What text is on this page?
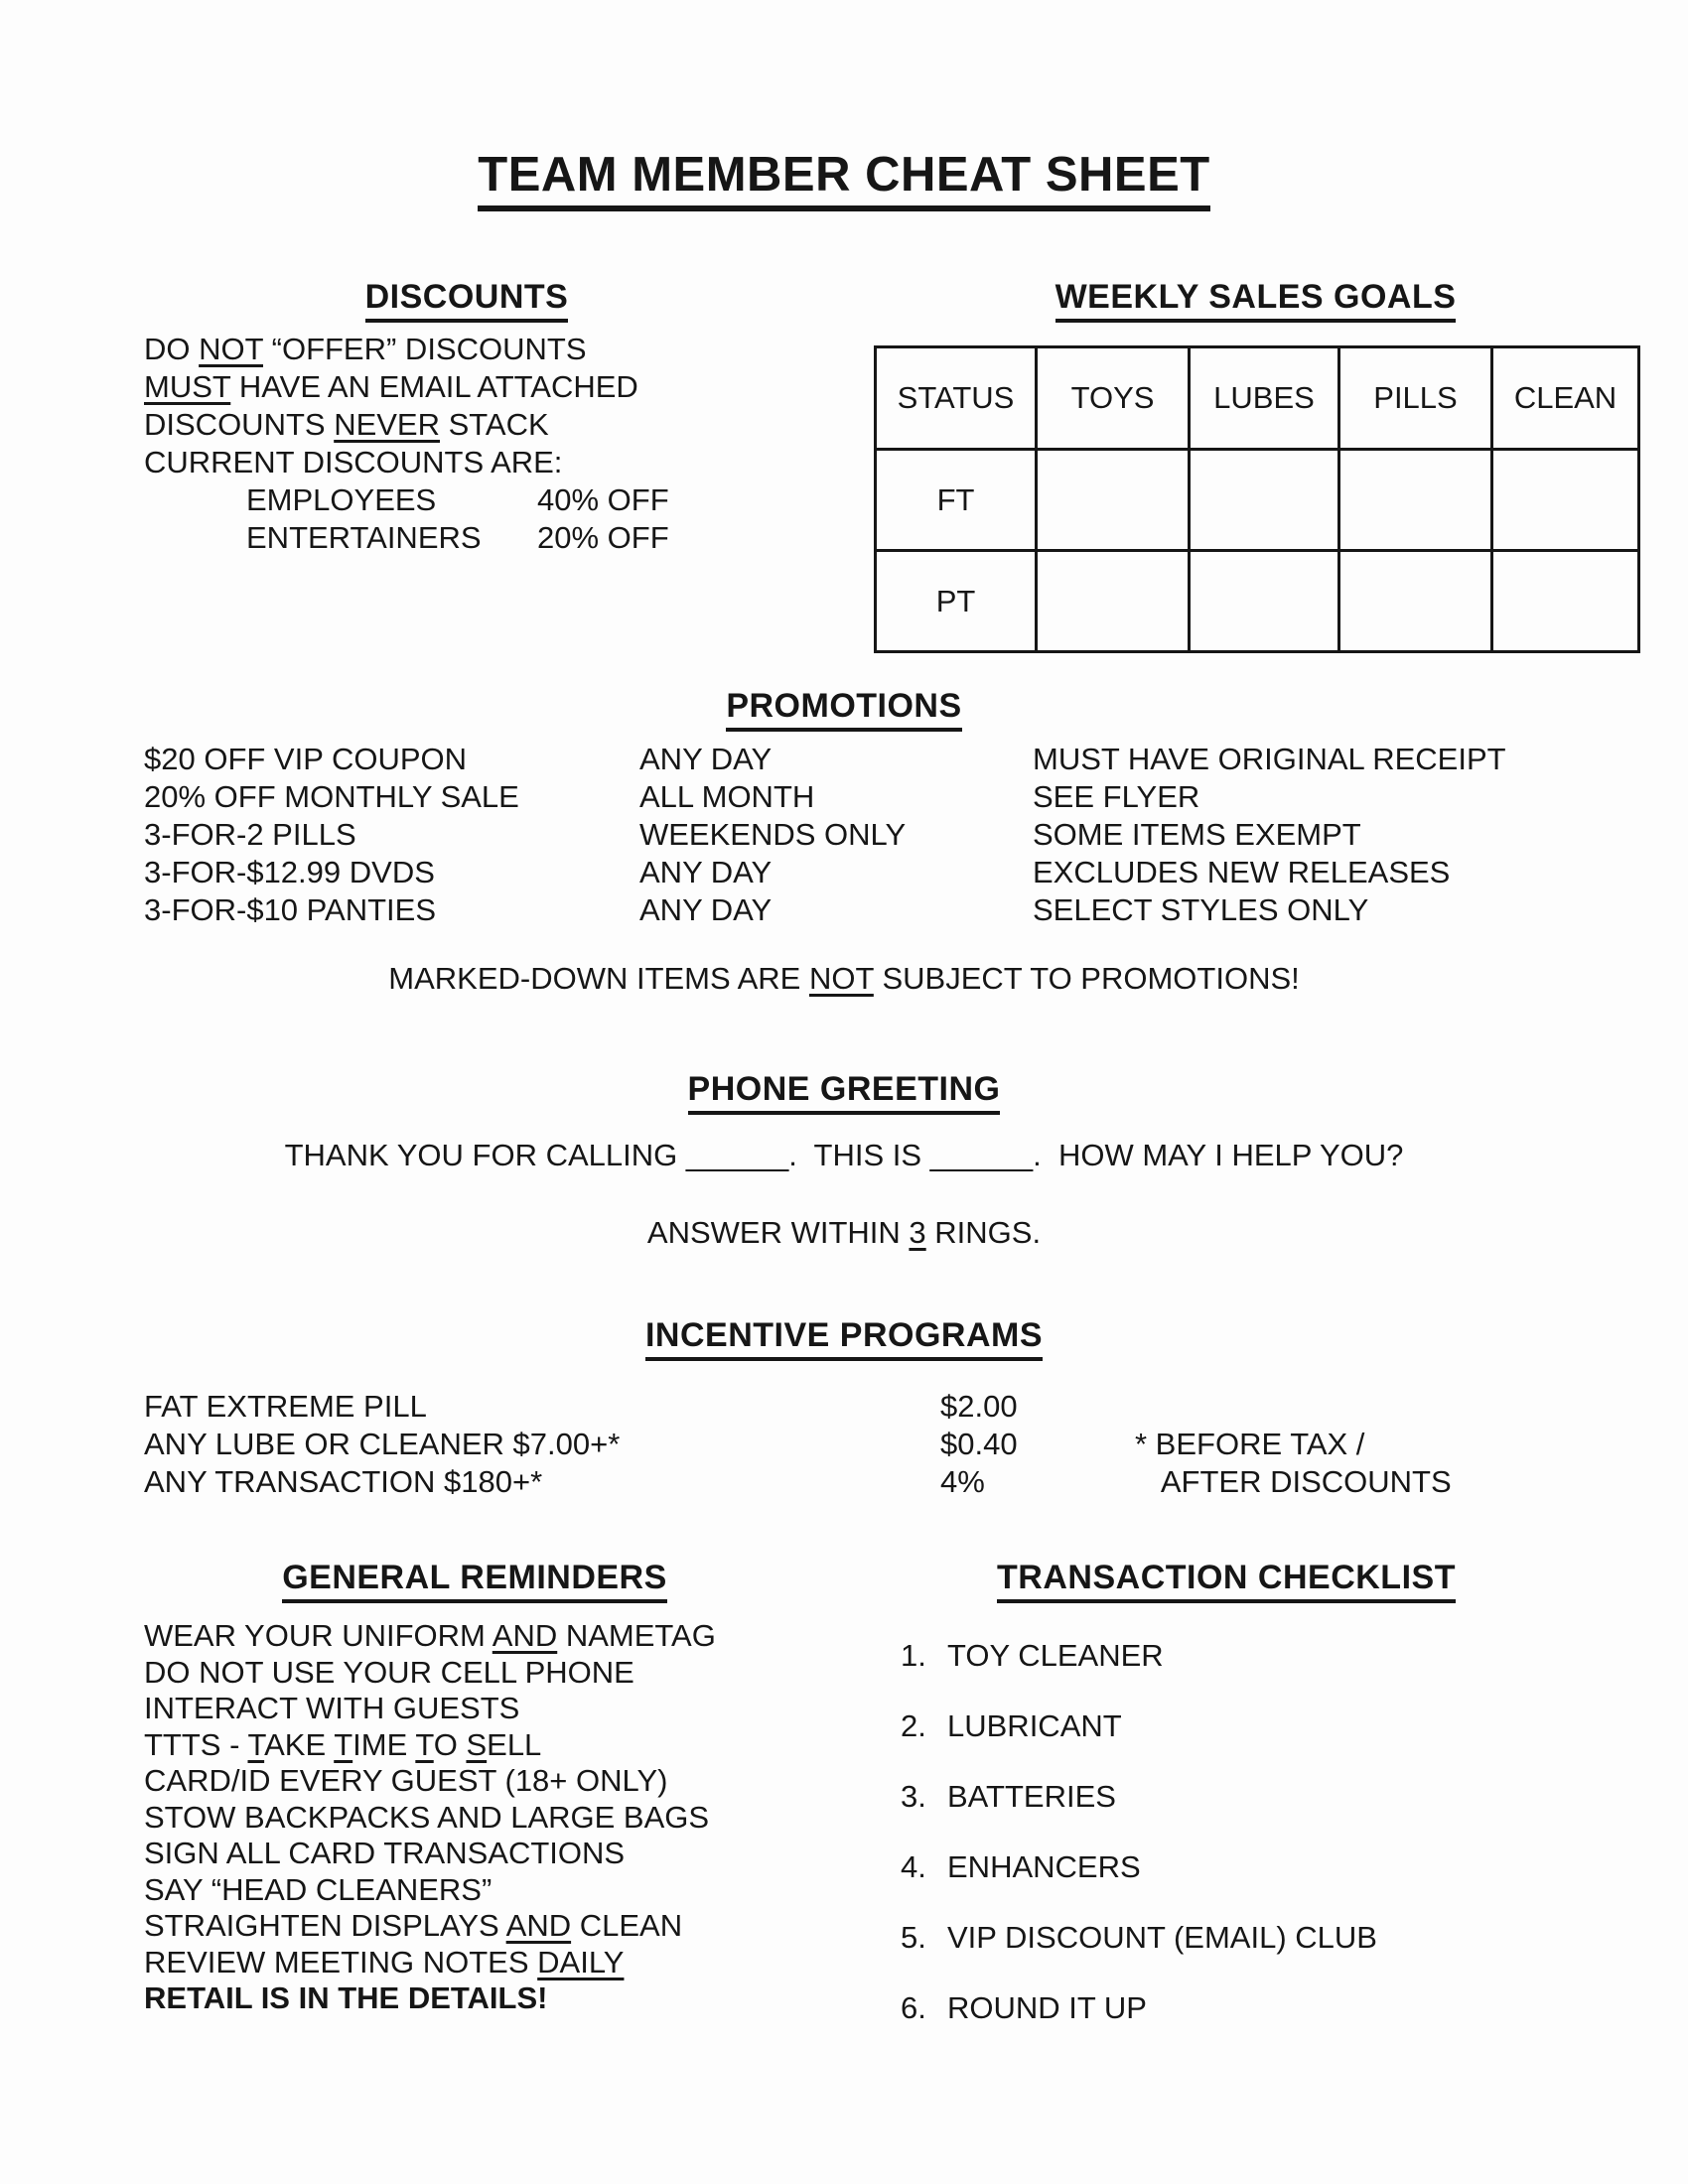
TEAM MEMBER CHEAT SHEET
DISCOUNTS	WEEKLY SALES GOALS
DO NOT “OFFER” DISCOUNTS
MUST HAVE AN EMAIL ATTACHED
DISCOUNTS NEVER STACK
CURRENT DISCOUNTS ARE:
EMPLOYEES	40% OFF
ENTERTAINERS	20% OFF
STATUS	TOYS	LUBES	PILLS	CLEAN
FT				
PT				
PROMOTIONS
$20 OFF VIP COUPON	ANY DAY	MUST HAVE ORIGINAL RECEIPT
20% OFF MONTHLY SALE	ALL MONTH	SEE FLYER
3-FOR-2 PILLS	WEEKENDS ONLY	SOME ITEMS EXEMPT
3-FOR-$12.99 DVDS	ANY DAY	EXCLUDES NEW RELEASES
3-FOR-$10 PANTIES	ANY DAY	SELECT STYLES ONLY
MARKED-DOWN ITEMS ARE NOT SUBJECT TO PROMOTIONS!
PHONE GREETING
THANK YOU FOR CALLING ______.  THIS IS ______.  HOW MAY I HELP YOU?
ANSWER WITHIN 3 RINGS.
INCENTIVE PROGRAMS
FAT EXTREME PILL	$2.00
ANY LUBE OR CLEANER $7.00+*	$0.40	* BEFORE TAX /
ANY TRANSACTION $180+*	4%	AFTER DISCOUNTS
GENERAL REMINDERS	TRANSACTION CHECKLIST
WEAR YOUR UNIFORM AND NAMETAG
DO NOT USE YOUR CELL PHONE
INTERACT WITH GUESTS
TTTS - TAKE TIME TO SELL
CARD/ID EVERY GUEST (18+ ONLY)
STOW BACKPACKS AND LARGE BAGS
SIGN ALL CARD TRANSACTIONS
SAY “HEAD CLEANERS”
STRAIGHTEN DISPLAYS AND CLEAN
REVIEW MEETING NOTES DAILY
RETAIL IS IN THE DETAILS!
1. TOY CLEANER
2. LUBRICANT
3. BATTERIES
4. ENHANCERS
5. VIP DISCOUNT (EMAIL) CLUB
6. ROUND IT UP
